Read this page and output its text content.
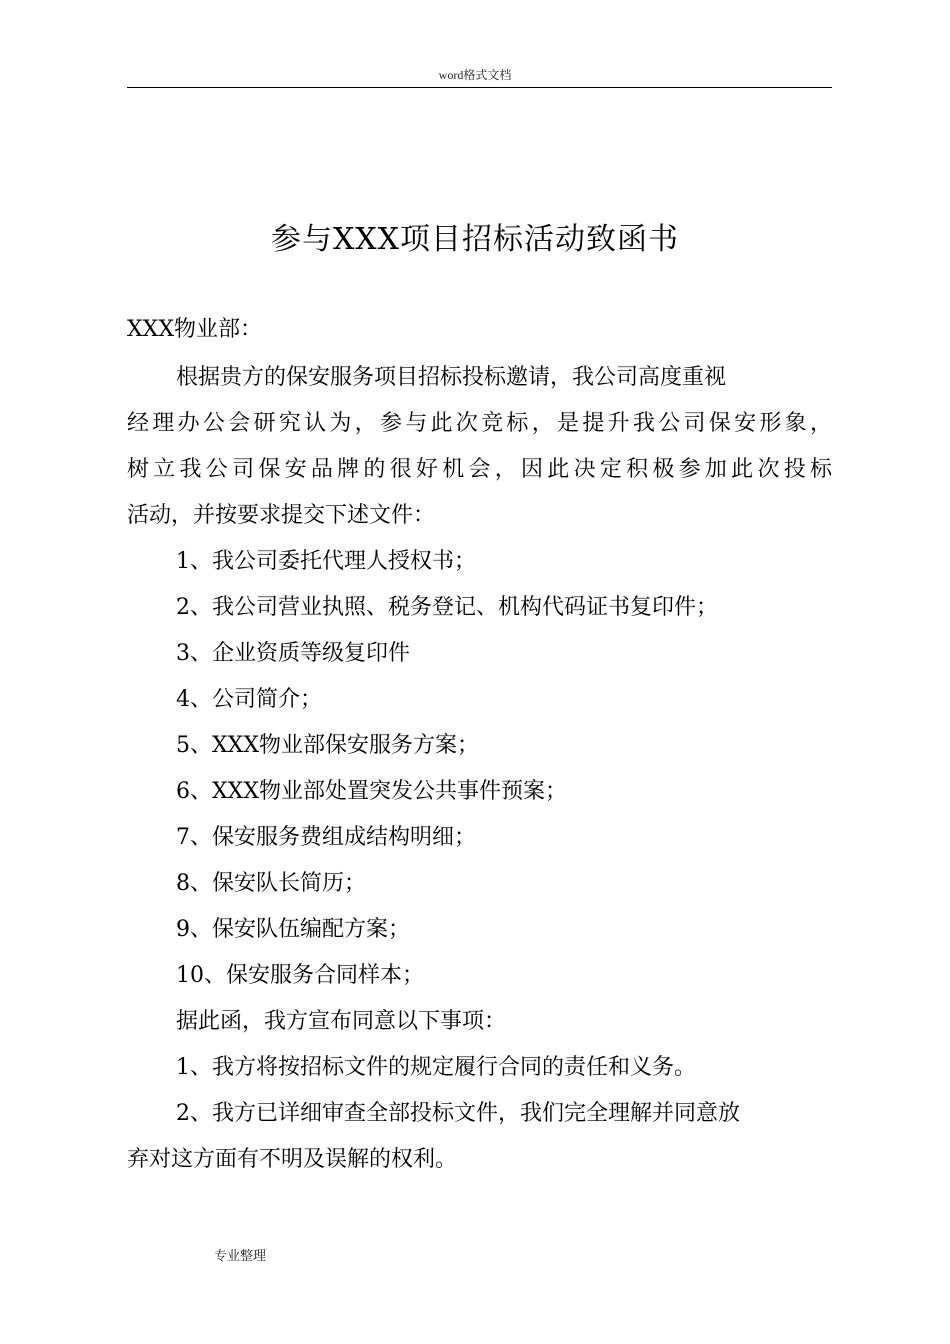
word格式文档
参与XXX项目招标活动致函书
XXX物业部：
根据贵方的保安服务项目招标投标邀请，我公司高度重视
经理办公会研究认为，参与此次竞标，是提升我公司保安形象，
树立我公司保安品牌的很好机会，因此决定积极参加此次投标
活动，并按要求提交下述文件：
1、我公司委托代理人授权书；
2、我公司营业执照、税务登记、机构代码证书复印件；
3、企业资质等级复印件
4、公司简介；
5、XXX物业部保安服务方案；
6、XXX物业部处置突发公共事件预案；
7、保安服务费组成结构明细；
8、保安队长简历；
9、保安队伍编配方案；
10、保安服务合同样本；
据此函，我方宣布同意以下事项：
1、我方将按招标文件的规定履行合同的责任和义务。
2、我方已详细审查全部投标文件，我们完全理解并同意放
弃对这方面有不明及误解的权利。
专业整理
